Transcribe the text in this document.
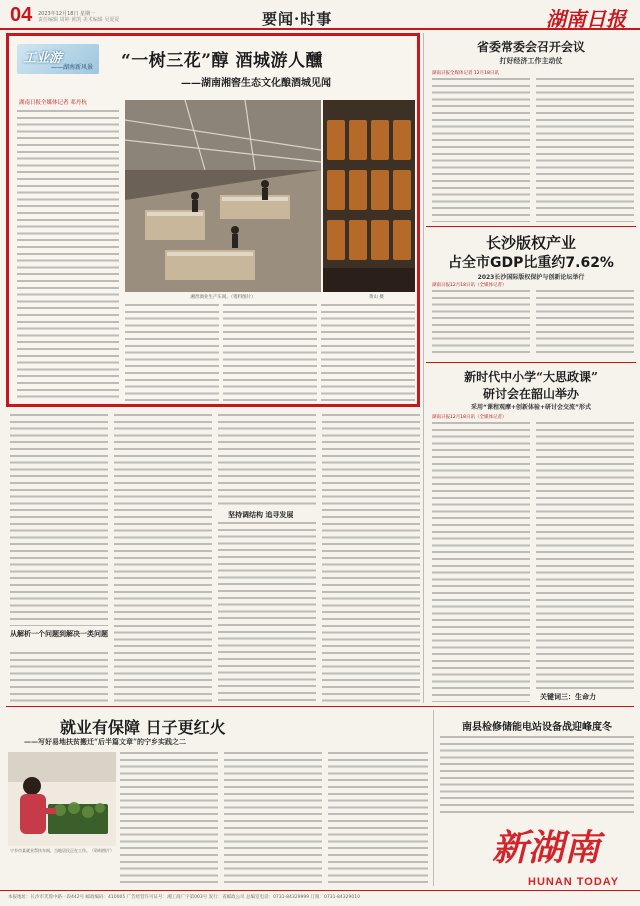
04 2023年12月18日 星期一
责任编辑 周婷 黄凯 美术编辑 吴夏夏	要闻·时事	湖南日报
工业游
——湖南新风景 “一树三花”醇 酒城游人醺
——湖南湘窖生态文化酿酒城见闻
湖南日报全媒体记者 邓丹杭
湘窖酒业生产车间。（资料图片）	黄山 摄
省委常委会召开会议
打好经济工作主动仗
湖南日报全媒体记者 12月18日讯
长沙版权产业
占全市GDP比重约7.62%
2023长沙国际版权保护与创新论坛举行
湖南日报12月18日讯（全媒体记者）
新时代中小学“大思政课”
研讨会在韶山举办
采用“课程观摩+创新体验+研讨会交流”形式
湖南日报12月18日讯（全媒体记者）
关键词三：生命力
从解析一个问题到解决一类问题
坚持调结构 追寻发展
就业有保障 日子更红火
——写好易地扶贫搬迁“后半篇文章”的宁乡实践之二
宁乡市某就业帮扶车间，当地居民正在工作。（资料图片）
南县检修储能电站设备战迎峰度冬
新湖南
HUNAN TODAY
本报地址：长沙市芙蓉中路一段442号 邮政编码：410005 广告经营许可证号：湘工商广字第003号 发行：省邮政公司 总编室电话：0731-84329999 订阅：0731-84329010
